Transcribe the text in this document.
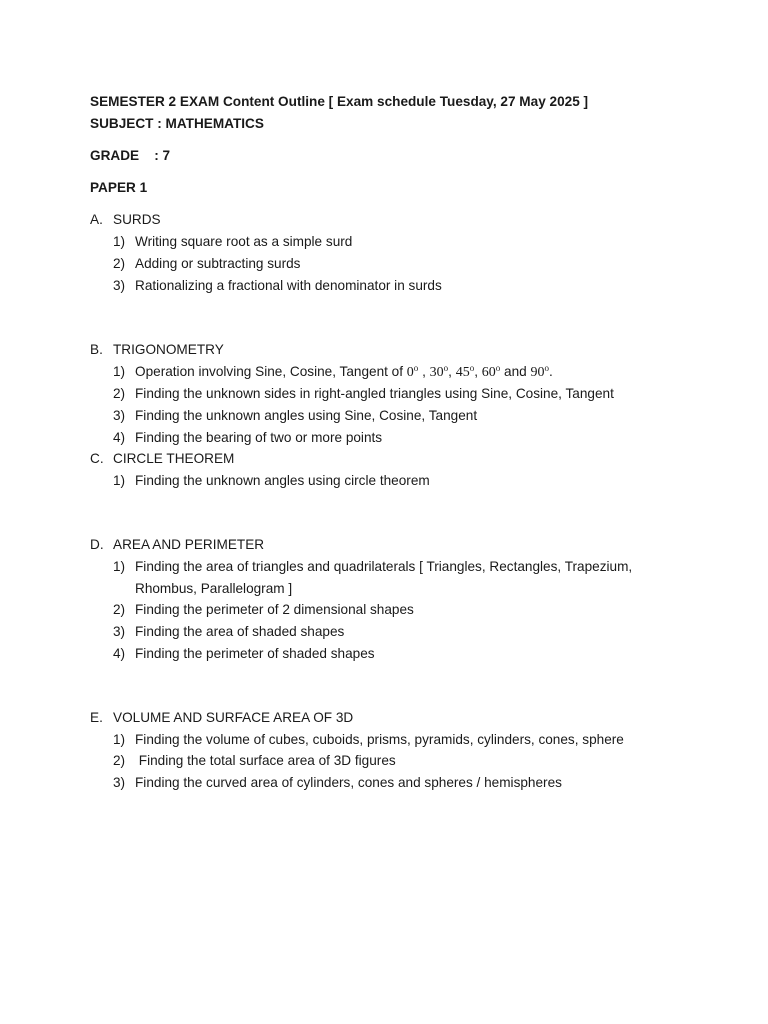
SEMESTER 2 EXAM Content Outline [ Exam schedule Tuesday, 27 May 2025 ]
SUBJECT : MATHEMATICS
GRADE    : 7
PAPER 1
A. SURDS
1) Writing square root as a simple surd
2) Adding or subtracting surds
3) Rationalizing a fractional with denominator in surds
B. TRIGONOMETRY
1) Operation involving Sine, Cosine, Tangent of 0$^o$ , 30$^o$, 45$^o$, 60$^o$ and 90$^o$.
2) Finding the unknown sides in right-angled triangles using Sine, Cosine, Tangent
3) Finding the unknown angles using Sine, Cosine, Tangent
4) Finding the bearing of two or more points
C. CIRCLE THEOREM
1) Finding the unknown angles using circle theorem
D. AREA AND PERIMETER
1) Finding the area of triangles and quadrilaterals [ Triangles, Rectangles, Trapezium,
Rhombus, Parallelogram ]
2) Finding the perimeter of 2 dimensional shapes
3) Finding the area of shaded shapes
4) Finding the perimeter of shaded shapes
E. VOLUME AND SURFACE AREA OF 3D
1) Finding the volume of cubes, cuboids, prisms, pyramids, cylinders, cones, sphere
2) Finding the total surface area of 3D figures
3) Finding the curved area of cylinders, cones and spheres / hemispheres
